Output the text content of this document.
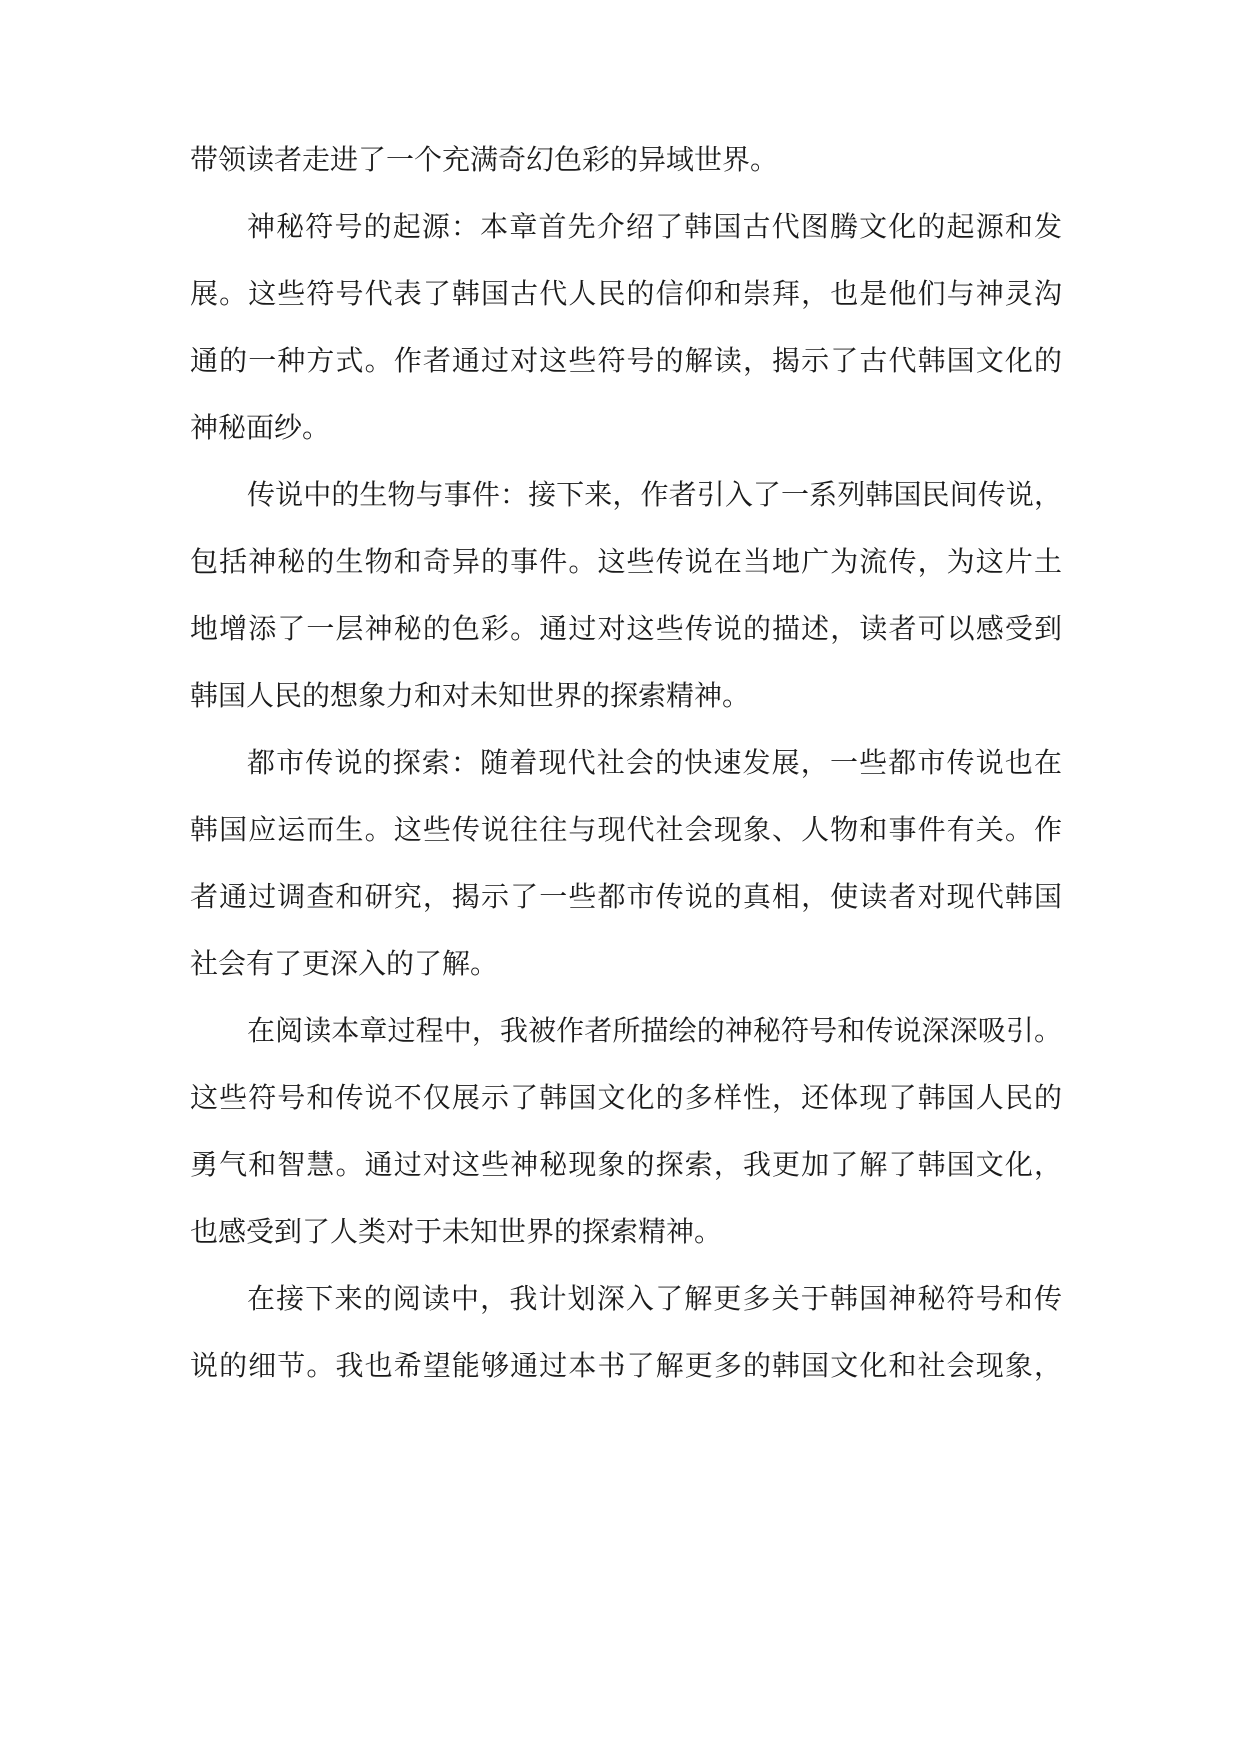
带领读者走进了一个充满奇幻色彩的异域世界。
神秘符号的起源：本章首先介绍了韩国古代图腾文化的起源和发
展。这些符号代表了韩国古代人民的信仰和崇拜，也是他们与神灵沟
通的一种方式。作者通过对这些符号的解读，揭示了古代韩国文化的
神秘面纱。
传说中的生物与事件：接下来，作者引入了一系列韩国民间传说，
包括神秘的生物和奇异的事件。这些传说在当地广为流传，为这片土
地增添了一层神秘的色彩。通过对这些传说的描述，读者可以感受到
韩国人民的想象力和对未知世界的探索精神。
都市传说的探索：随着现代社会的快速发展，一些都市传说也在
韩国应运而生。这些传说往往与现代社会现象、人物和事件有关。作
者通过调查和研究，揭示了一些都市传说的真相，使读者对现代韩国
社会有了更深入的了解。
在阅读本章过程中，我被作者所描绘的神秘符号和传说深深吸引。
这些符号和传说不仅展示了韩国文化的多样性，还体现了韩国人民的
勇气和智慧。通过对这些神秘现象的探索，我更加了解了韩国文化，
也感受到了人类对于未知世界的探索精神。
在接下来的阅读中，我计划深入了解更多关于韩国神秘符号和传
说的细节。我也希望能够通过本书了解更多的韩国文化和社会现象，
